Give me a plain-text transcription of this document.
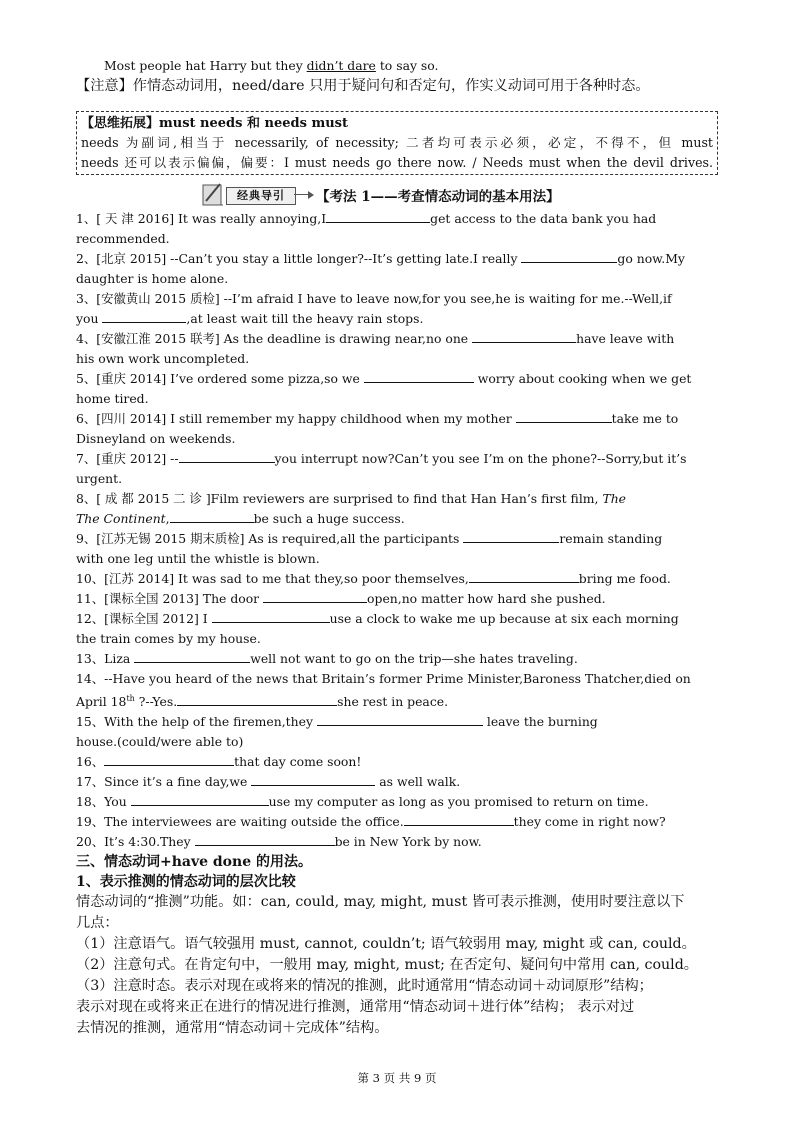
Most people hat Harry but they didn’t dare to say so.
【注意】作情态动词用，need/dare 只用于疑问句和否定句，作实义动词可用于各种时态。
【思维拓展】must needs 和 needs must
needs 为副词,相当于 necessarily, of necessity; 二者均可表示必须，必定，不得不，但 must
needs 还可以表示偏偏，偏要：I must needs go there now. / Needs must when the devil drives.
经典导引	【考法 1——考查情态动词的基本用法】
1、[ 天 津 2016] It was really annoying,I	get access to the data bank you had
recommended.
2、[北京 2015] --Can’t you stay a little longer?--It’s getting late.I really	go now.My
daughter is home alone.
3、[安徽黄山 2015 质检] --I’m afraid I have to leave now,for you see,he is waiting for me.--Well,if
you	,at least wait till the heavy rain stops.
4、[安徽江淮 2015 联考] As the deadline is drawing near,no one	have leave with
his own work uncompleted.
5、[重庆 2014] I’ve ordered some pizza,so we	worry about cooking when we get
home tired.
6、[四川 2014] I still remember my happy childhood when my mother	take me to
Disneyland on weekends.
7、[重庆 2012] --	you interrupt now?Can’t you see I’m on the phone?--Sorry,but it’s
urgent.
8、[ 成 都 2015 二 诊 ]Film reviewers are surprised to find that Han Han’s first film, The
The Continent,	be such a huge success.
9、[江苏无锡 2015 期末质检] As is required,all the participants	remain standing
with one leg until the whistle is blown.
10、[江苏 2014] It was sad to me that they,so poor themselves,	bring me food.
11、[课标全国 2013] The door	open,no matter how hard she pushed.
12、[课标全国 2012] I	use a clock to wake me up because at six each morning
the train comes by my house.
13、Liza	well not want to go on the trip—she hates traveling.
14、--Have you heard of the news that Britain’s former Prime Minister,Baroness Thatcher,died on
April 18th ?--Yes.	she rest in peace.
15、With the help of the firemen,they	leave the burning
house.(could/were able to)
16、	that day come soon!
17、Since it’s a fine day,we	as well walk.
18、You	use my computer as long as you promised to return on time.
19、The interviewees are waiting outside the office.	they come in right now?
20、It’s 4:30.They	be in New York by now.
三、情态动词+have done 的用法。
1、表示推测的情态动词的层次比较
情态动词的“推测”功能。如：can, could, may, might, must 皆可表示推测，使用时要注意以下
几点：
（1）注意语气。语气较强用 must, cannot, couldn’t; 语气较弱用 may, might 或 can, could。
（2）注意句式。在肯定句中，一般用 may, might, must; 在否定句、疑问句中常用 can, could。
（3）注意时态。表示对现在或将来的情况的推测，此时通常用“情态动词＋动词原形”结构；
表示对现在或将来正在进行的情况进行推测，通常用“情态动词＋进行体”结构； 表示对过
去情况的推测，通常用“情态动词＋完成体”结构。
第 3 页 共 9 页
